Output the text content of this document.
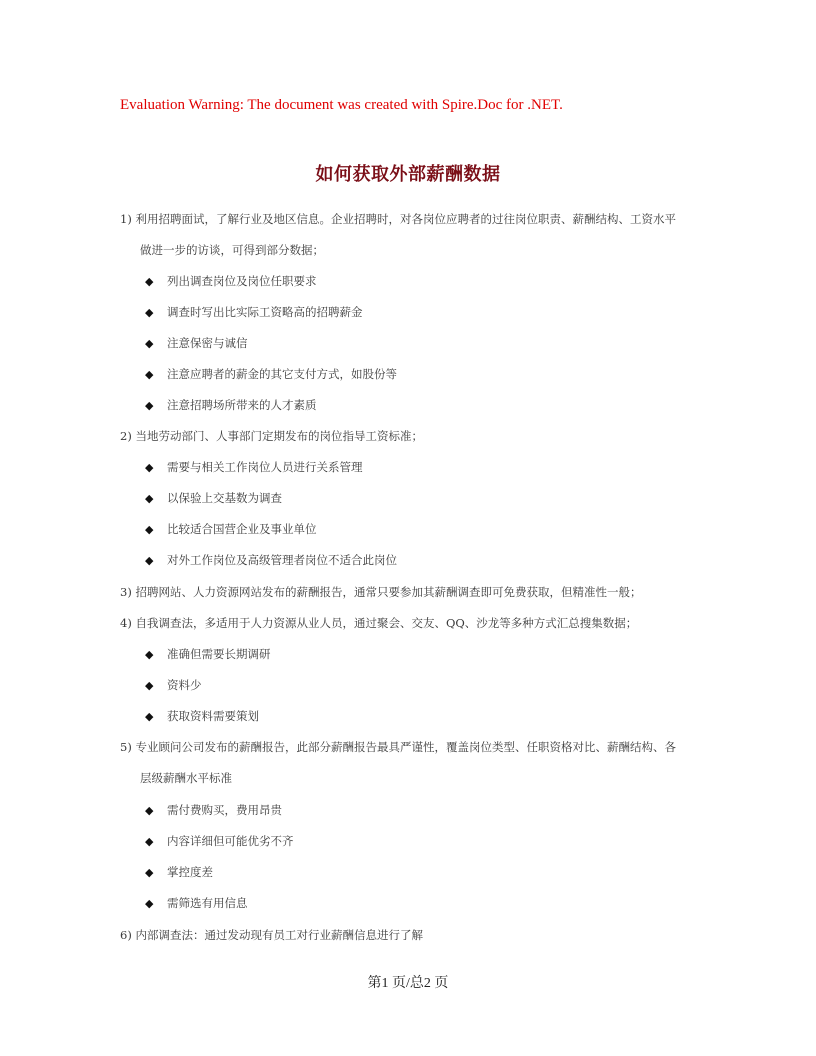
Evaluation Warning: The document was created with Spire.Doc for .NET.
如何获取外部薪酬数据
1) 利用招聘面试，了解行业及地区信息。企业招聘时，对各岗位应聘者的过往岗位职责、薪酬结构、工资水平
做进一步的访谈，可得到部分数据；
◆ 列出调查岗位及岗位任职要求
◆ 调查时写出比实际工资略高的招聘薪金
◆ 注意保密与诚信
◆ 注意应聘者的薪金的其它支付方式，如股份等
◆ 注意招聘场所带来的人才素质
2) 当地劳动部门、人事部门定期发布的岗位指导工资标准；
◆ 需要与相关工作岗位人员进行关系管理
◆ 以保验上交基数为调查
◆ 比较适合国营企业及事业单位
◆ 对外工作岗位及高级管理者岗位不适合此岗位
3) 招聘网站、人力资源网站发布的薪酬报告，通常只要参加其薪酬调查即可免费获取，但精准性一般；
4) 自我调查法，多适用于人力资源从业人员，通过聚会、交友、QQ、沙龙等多种方式汇总搜集数据；
◆ 准确但需要长期调研
◆ 资料少
◆ 获取资料需要策划
5) 专业顾问公司发布的薪酬报告，此部分薪酬报告最具严谨性，覆盖岗位类型、任职资格对比、薪酬结构、各
层级薪酬水平标准
◆ 需付费购买，费用昂贵
◆ 内容详细但可能优劣不齐
◆ 掌控度差
◆ 需筛选有用信息
6) 内部调查法：通过发动现有员工对行业薪酬信息进行了解
第1 页/总2 页
